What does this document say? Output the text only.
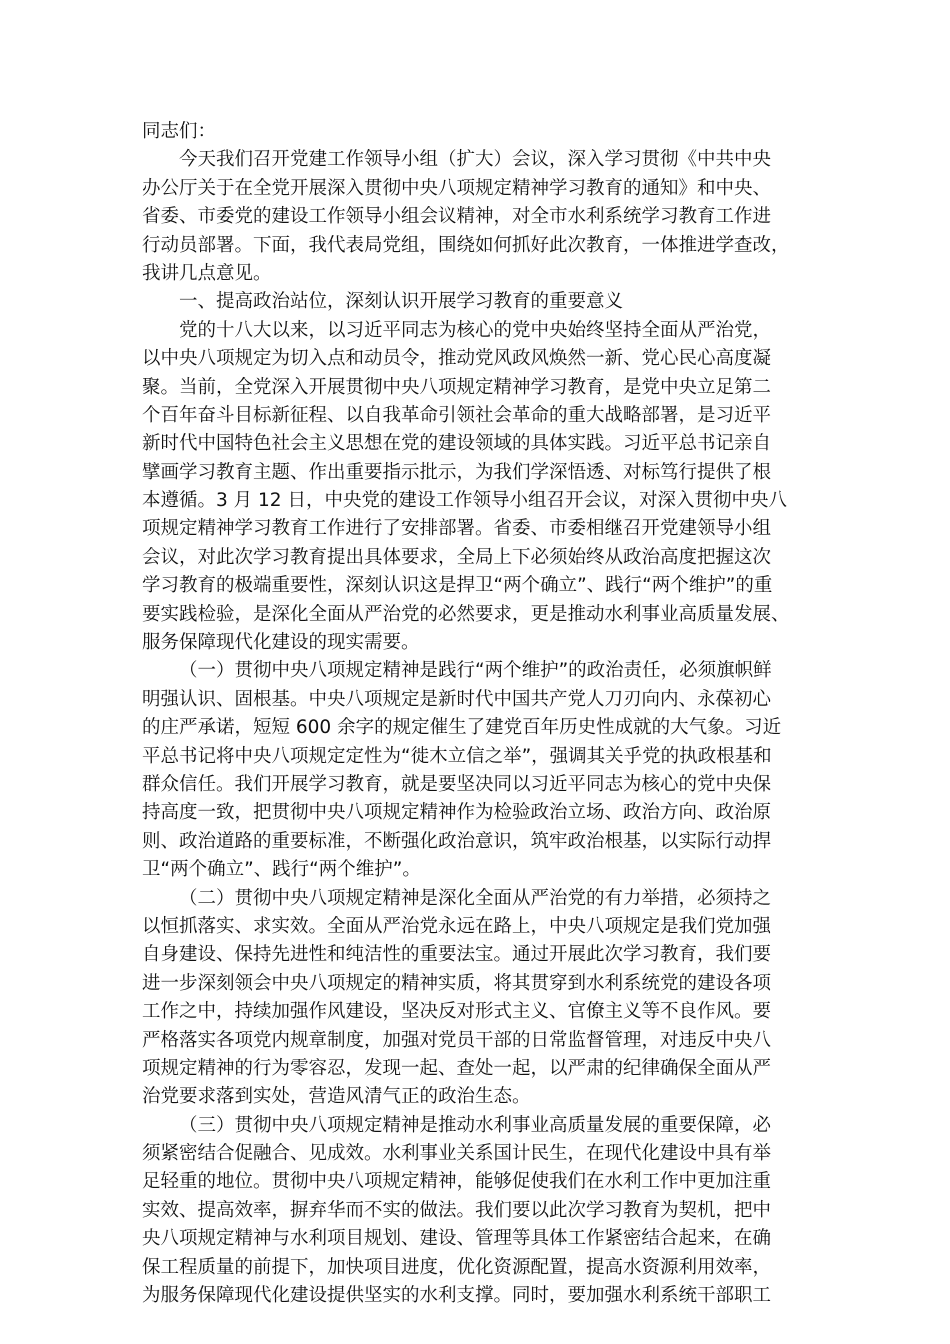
同志们：
今天我们召开党建工作领导小组（扩大）会议，深入学习贯彻《中共中央
办公厅关于在全党开展深入贯彻中央八项规定精神学习教育的通知》和中央、
省委、市委党的建设工作领导小组会议精神，对全市水利系统学习教育工作进
行动员部署。下面，我代表局党组，围绕如何抓好此次教育，一体推进学查改，
我讲几点意见。
一、提高政治站位，深刻认识开展学习教育的重要意义
党的十八大以来，以习近平同志为核心的党中央始终坚持全面从严治党，
以中央八项规定为切入点和动员令，推动党风政风焕然一新、党心民心高度凝
聚。当前，全党深入开展贯彻中央八项规定精神学习教育，是党中央立足第二
个百年奋斗目标新征程、以自我革命引领社会革命的重大战略部署，是习近平
新时代中国特色社会主义思想在党的建设领域的具体实践。习近平总书记亲自
擘画学习教育主题、作出重要指示批示，为我们学深悟透、对标笃行提供了根
本遵循。3 月 12 日，中央党的建设工作领导小组召开会议，对深入贯彻中央八
项规定精神学习教育工作进行了安排部署。省委、市委相继召开党建领导小组
会议，对此次学习教育提出具体要求，全局上下必须始终从政治高度把握这次
学习教育的极端重要性，深刻认识这是捍卫“两个确立”、践行“两个维护”的重
要实践检验，是深化全面从严治党的必然要求，更是推动水利事业高质量发展、
服务保障现代化建设的现实需要。
（一）贯彻中央八项规定精神是践行“两个维护”的政治责任，必须旗帜鲜
明强认识、固根基。中央八项规定是新时代中国共产党人刀刃向内、永葆初心
的庄严承诺，短短 600 余字的规定催生了建党百年历史性成就的大气象。习近
平总书记将中央八项规定定性为“徙木立信之举”，强调其关乎党的执政根基和
群众信任。我们开展学习教育，就是要坚决同以习近平同志为核心的党中央保
持高度一致，把贯彻中央八项规定精神作为检验政治立场、政治方向、政治原
则、政治道路的重要标准，不断强化政治意识，筑牢政治根基，以实际行动捍
卫“两个确立”、践行“两个维护”。
（二）贯彻中央八项规定精神是深化全面从严治党的有力举措，必须持之
以恒抓落实、求实效。全面从严治党永远在路上，中央八项规定是我们党加强
自身建设、保持先进性和纯洁性的重要法宝。通过开展此次学习教育，我们要
进一步深刻领会中央八项规定的精神实质，将其贯穿到水利系统党的建设各项
工作之中，持续加强作风建设，坚决反对形式主义、官僚主义等不良作风。要
严格落实各项党内规章制度，加强对党员干部的日常监督管理，对违反中央八
项规定精神的行为零容忍，发现一起、查处一起，以严肃的纪律确保全面从严
治党要求落到实处，营造风清气正的政治生态。
（三）贯彻中央八项规定精神是推动水利事业高质量发展的重要保障，必
须紧密结合促融合、见成效。水利事业关系国计民生，在现代化建设中具有举
足轻重的地位。贯彻中央八项规定精神，能够促使我们在水利工作中更加注重
实效、提高效率，摒弃华而不实的做法。我们要以此次学习教育为契机，把中
央八项规定精神与水利项目规划、建设、管理等具体工作紧密结合起来，在确
保工程质量的前提下，加快项目进度，优化资源配置，提高水资源利用效率，
为服务保障现代化建设提供坚实的水利支撑。同时，要加强水利系统干部职工
